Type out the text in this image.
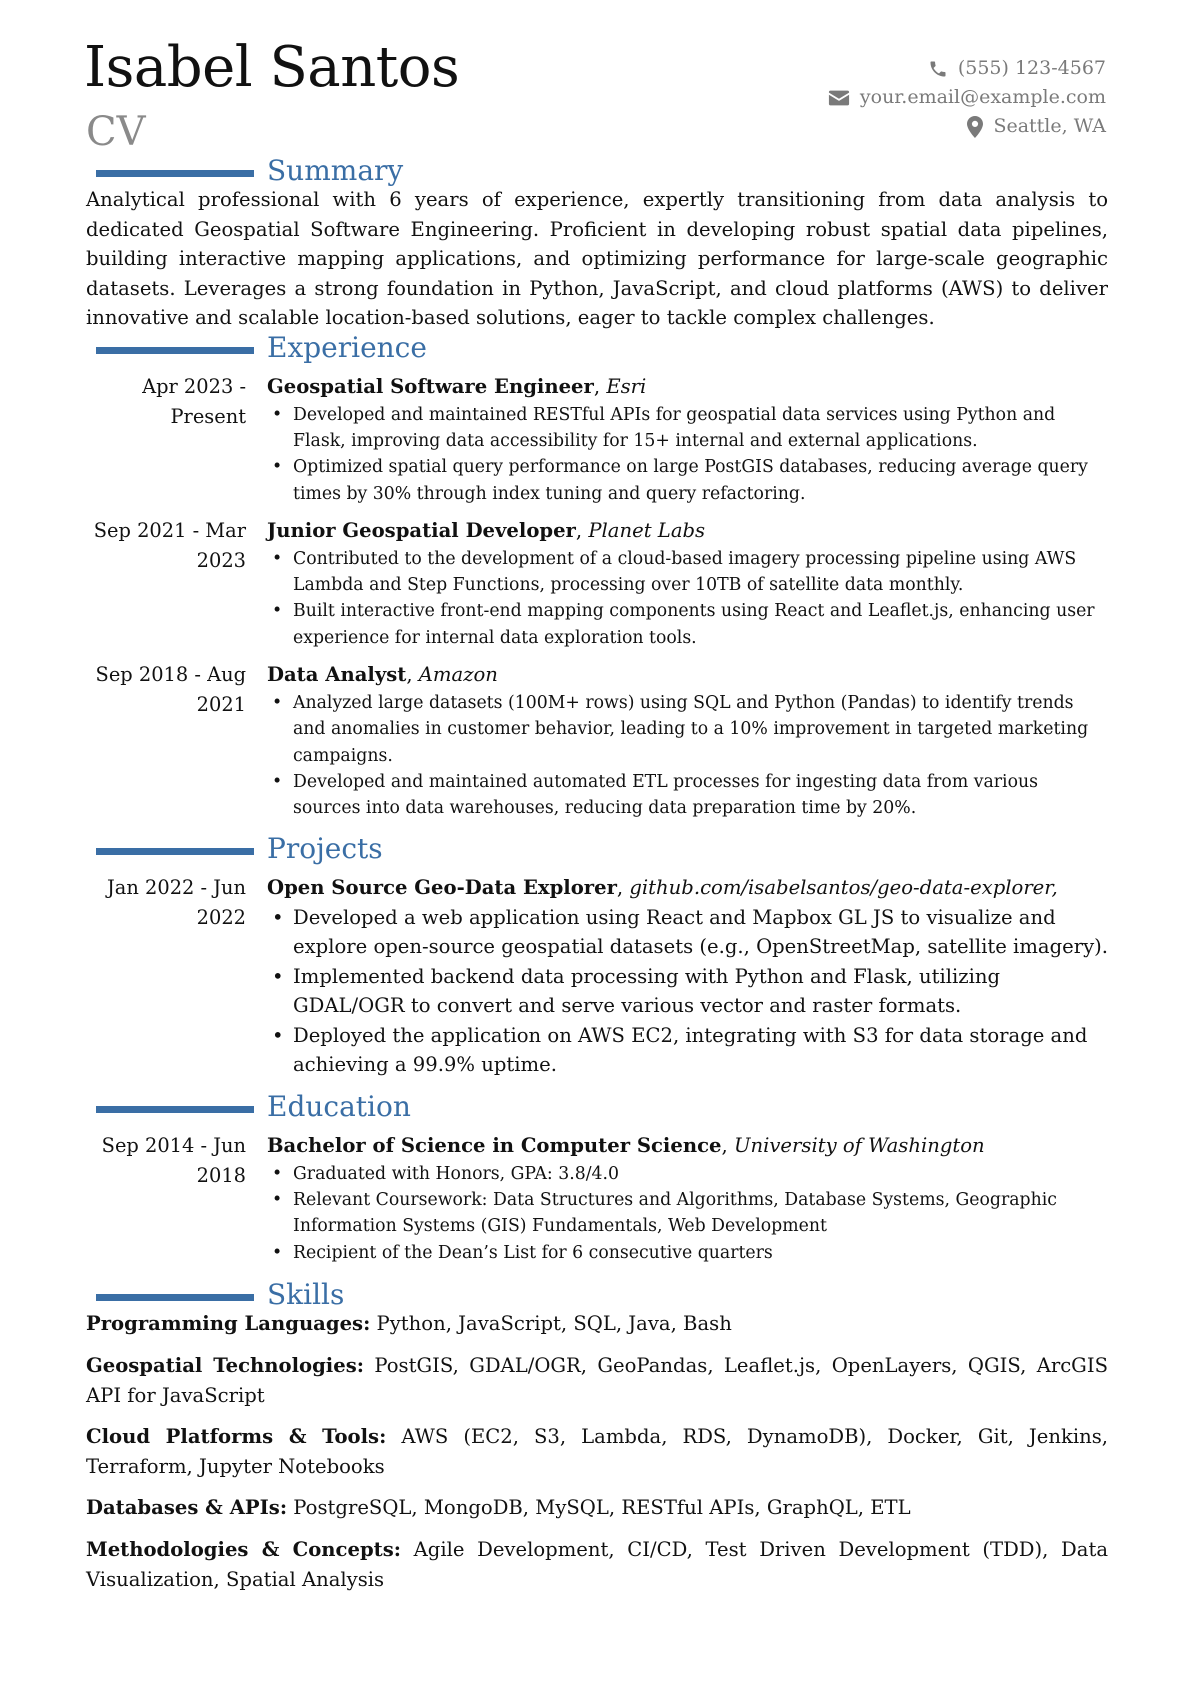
Isabel Santos
CV
(555) 123-4567
your.email@example.com
Seattle, WA
Summary
Analytical professional with 6 years of experience, expertly transitioning from data analysis to dedicated Geospatial Software Engineering. Proficient in developing robust spatial data pipelines, building interactive mapping applications, and optimizing performance for large-scale geographic datasets. Leverages a strong foundation in Python, JavaScript, and cloud platforms (AWS) to deliver innovative and scalable location-based solutions, eager to tackle complex challenges.
Experience
Apr 2023 - Present
Geospatial Software Engineer, Esri
• Developed and maintained RESTful APIs for geospatial data services using Python and Flask, improving data accessibility for 15+ internal and external applications.
• Optimized spatial query performance on large PostGIS databases, reducing average query times by 30% through index tuning and query refactoring.
Sep 2021 - Mar 2023
Junior Geospatial Developer, Planet Labs
• Contributed to the development of a cloud-based imagery processing pipeline using AWS Lambda and Step Functions, processing over 10TB of satellite data monthly.
• Built interactive front-end mapping components using React and Leaflet.js, enhancing user experience for internal data exploration tools.
Sep 2018 - Aug 2021
Data Analyst, Amazon
• Analyzed large datasets (100M+ rows) using SQL and Python (Pandas) to identify trends and anomalies in customer behavior, leading to a 10% improvement in targeted marketing campaigns.
• Developed and maintained automated ETL processes for ingesting data from various sources into data warehouses, reducing data preparation time by 20%.
Projects
Jan 2022 - Jun 2022
Open Source Geo-Data Explorer, github.com/isabelsantos/geo-data-explorer,
• Developed a web application using React and Mapbox GL JS to visualize and explore open-source geospatial datasets (e.g., OpenStreetMap, satellite imagery).
• Implemented backend data processing with Python and Flask, utilizing GDAL/OGR to convert and serve various vector and raster formats.
• Deployed the application on AWS EC2, integrating with S3 for data storage and achieving a 99.9% uptime.
Education
Sep 2014 - Jun 2018
Bachelor of Science in Computer Science, University of Washington
• Graduated with Honors, GPA: 3.8/4.0
• Relevant Coursework: Data Structures and Algorithms, Database Systems, Geographic Information Systems (GIS) Fundamentals, Web Development
• Recipient of the Dean’s List for 6 consecutive quarters
Skills
Programming Languages: Python, JavaScript, SQL, Java, Bash
Geospatial Technologies: PostGIS, GDAL/OGR, GeoPandas, Leaflet.js, OpenLayers, QGIS, ArcGIS API for JavaScript
Cloud Platforms & Tools: AWS (EC2, S3, Lambda, RDS, DynamoDB), Docker, Git, Jenkins, Terraform, Jupyter Notebooks
Databases & APIs: PostgreSQL, MongoDB, MySQL, RESTful APIs, GraphQL, ETL
Methodologies & Concepts: Agile Development, CI/CD, Test Driven Development (TDD), Data Visualization, Spatial Analysis
